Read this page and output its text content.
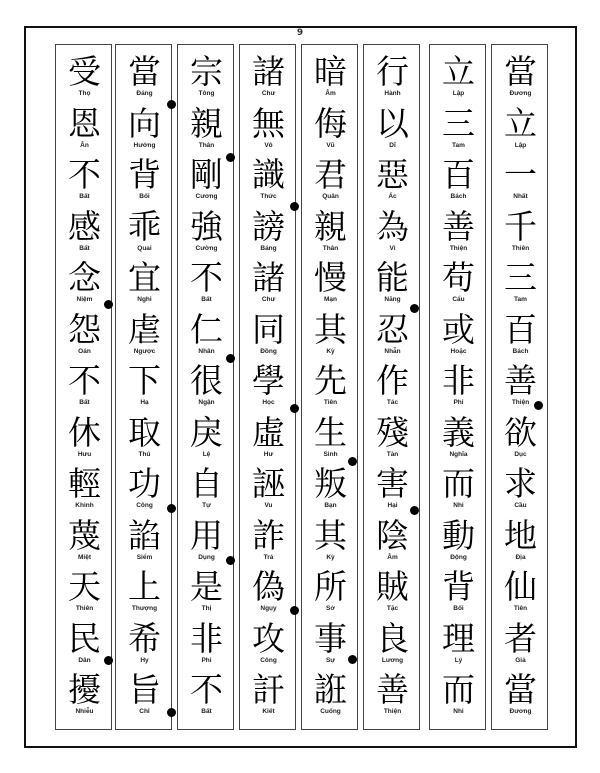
9
當
Đương
立
Lập
一
Nhất
千
Thiên
三
Tam
百
Bách
善
Thiện
欲
Dục
求
Cầu
地
Địa
仙
Tiên
者
Giả
當
Đương
立
Lập
三
Tam
百
Bách
善
Thiện
苟
Cẩu
或
Hoặc
非
Phi
義
Nghĩa
而
Nhi
動
Động
背
Bối
理
Lý
而
Nhi
行
Hành
以
Dĩ
惡
Ác
為
Vi
能
Năng
忍
Nhẫn
作
Tác
殘
Tàn
害
Hại
陰
Âm
賊
Tặc
良
Lương
善
Thiện
暗
Âm
侮
Vũ
君
Quân
親
Thân
慢
Mạn
其
Kỳ
先
Tiên
生
Sinh
叛
Bạn
其
Kỳ
所
Sở
事
Sự
誑
Cuống
諸
Chư
無
Vô
識
Thức
謗
Báng
諸
Chư
同
Đồng
學
Học
虛
Hư
誣
Vu
詐
Trá
偽
Ngụy
攻
Công
訐
Kiết
宗
Tông
親
Thân
剛
Cương
強
Cường
不
Bất
仁
Nhân
很
Ngận
戾
Lệ
自
Tự
用
Dụng
是
Thị
非
Phi
不
Bất
當
Đáng
向
Hướng
背
Bối
乖
Quai
宜
Nghi
虐
Ngược
下
Hạ
取
Thủ
功
Công
諂
Siểm
上
Thượng
希
Hy
旨
Chỉ
受
Thọ
恩
Ân
不
Bất
感
Bất
念
Niệm
怨
Oán
不
Bất
休
Hưu
輕
Khinh
蔑
Miệt
天
Thiên
民
Dân
擾
Nhiễu
